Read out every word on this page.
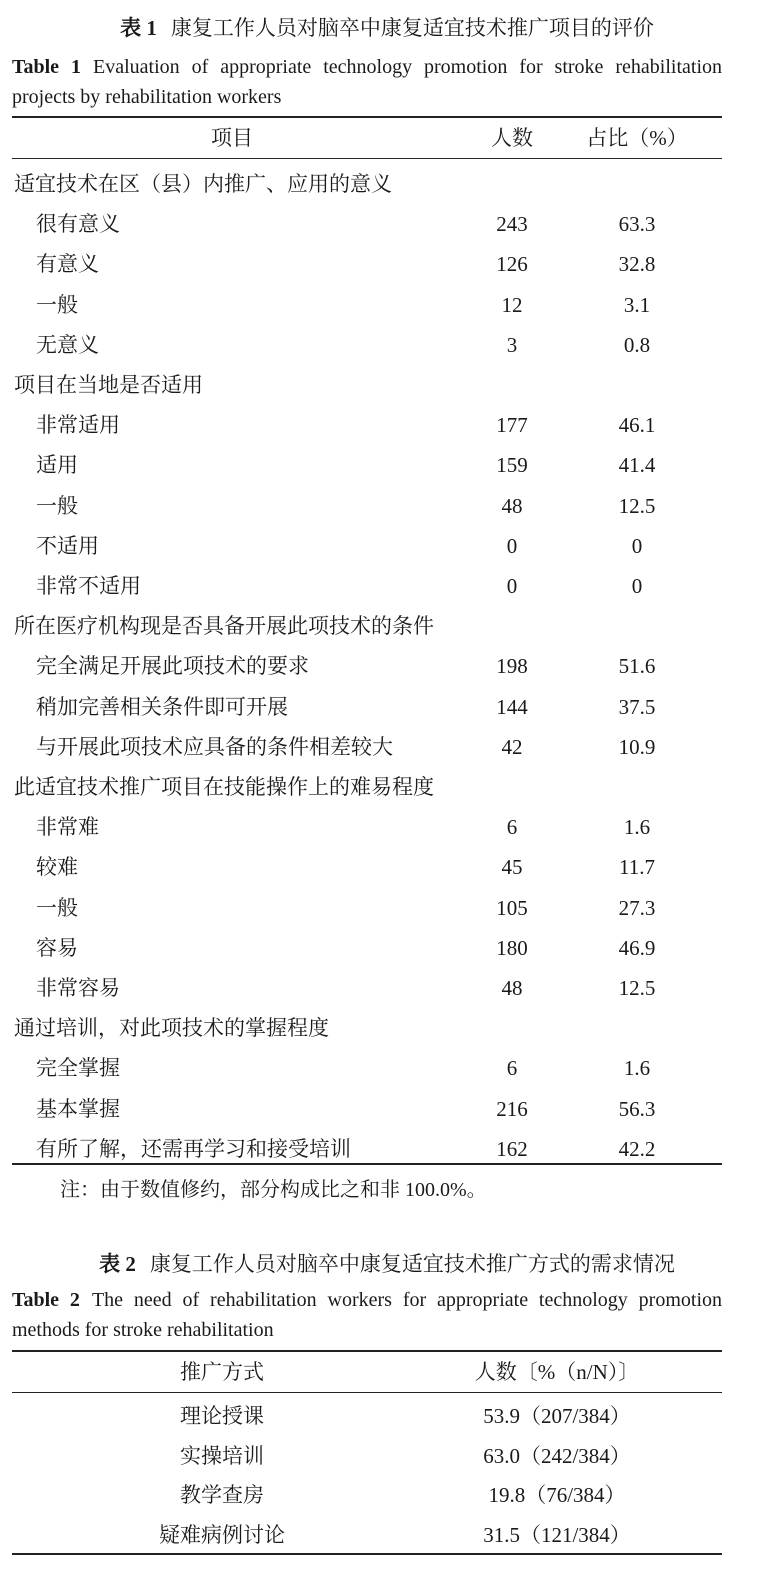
表 1 康复工作人员对脑卒中康复适宜技术推广项目的评价
Table 1 Evaluation of appropriate technology promotion for stroke rehabilitation projects by rehabilitation workers
项目	人数	占比（%）
适宜技术在区（县）内推广、应用的意义
很有意义	243	63.3
有意义	126	32.8
一般	12	3.1
无意义	3	0.8
项目在当地是否适用
非常适用	177	46.1
适用	159	41.4
一般	48	12.5
不适用	0	0
非常不适用	0	0
所在医疗机构现是否具备开展此项技术的条件
完全满足开展此项技术的要求	198	51.6
稍加完善相关条件即可开展	144	37.5
与开展此项技术应具备的条件相差较大	42	10.9
此适宜技术推广项目在技能操作上的难易程度
非常难	6	1.6
较难	45	11.7
一般	105	27.3
容易	180	46.9
非常容易	48	12.5
通过培训，对此项技术的掌握程度
完全掌握	6	1.6
基本掌握	216	56.3
有所了解，还需再学习和接受培训	162	42.2
注：由于数值修约，部分构成比之和非 100.0%。
表 2 康复工作人员对脑卒中康复适宜技术推广方式的需求情况
Table 2 The need of rehabilitation workers for appropriate technology promotion methods for stroke rehabilitation
推广方式	人数〔%（n/N）〕
理论授课	53.9（207/384）
实操培训	63.0（242/384）
教学查房	19.8（76/384）
疑难病例讨论	31.5（121/384）
